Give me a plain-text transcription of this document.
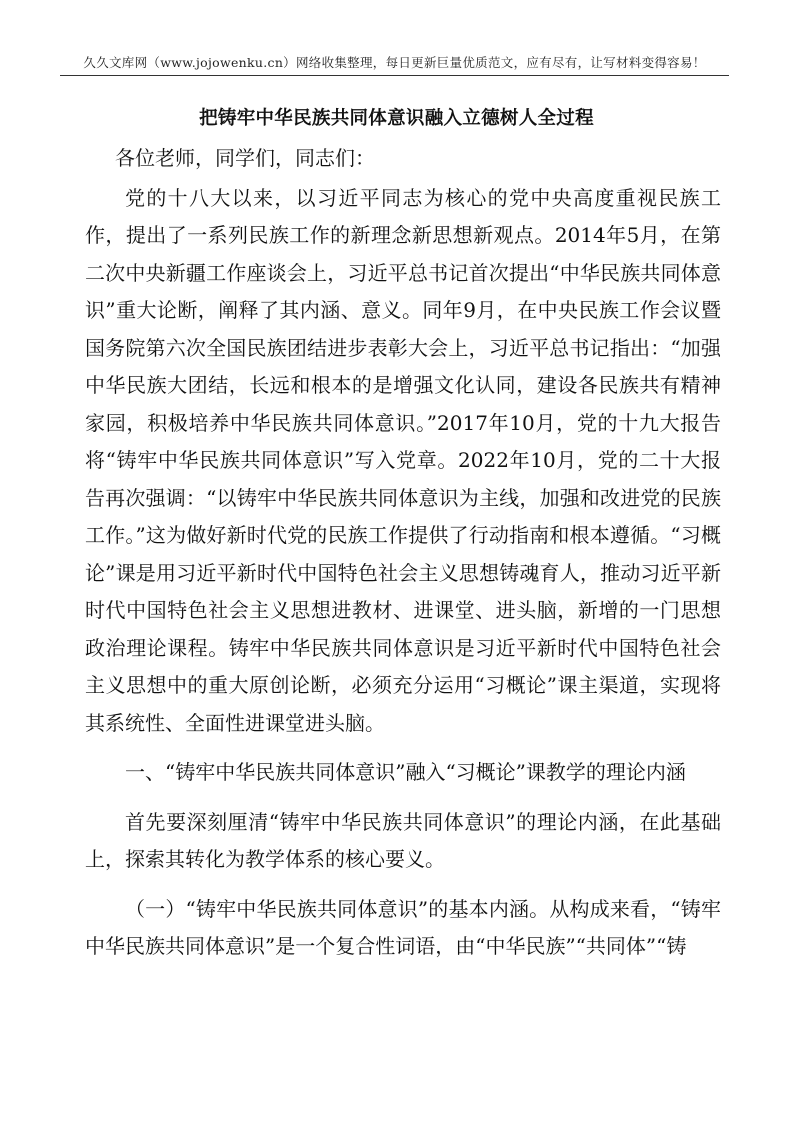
久久文库网（www.jojowenku.cn）网络收集整理，每日更新巨量优质范文，应有尽有，让写材料变得容易！
把铸牢中华民族共同体意识融入立德树人全过程

各位老师，同学们，同志们：

党的十八大以来，以习近平同志为核心的党中央高度重视民族工作，提出了一系列民族工作的新理念新思想新观点。2014年5月，在第二次中央新疆工作座谈会上，习近平总书记首次提出“中华民族共同体意识”重大论断，阐释了其内涵、意义。同年9月，在中央民族工作会议暨国务院第六次全国民族团结进步表彰大会上，习近平总书记指出：“加强中华民族大团结，长远和根本的是增强文化认同，建设各民族共有精神家园，积极培养中华民族共同体意识。”2017年10月，党的十九大报告将“铸牢中华民族共同体意识”写入党章。2022年10月，党的二十大报告再次强调：“以铸牢中华民族共同体意识为主线，加强和改进党的民族工作。”这为做好新时代党的民族工作提供了行动指南和根本遵循。“习概论”课是用习近平新时代中国特色社会主义思想铸魂育人，推动习近平新时代中国特色社会主义思想进教材、进课堂、进头脑，新增的一门思想政治理论课程。铸牢中华民族共同体意识是习近平新时代中国特色社会主义思想中的重大原创论断，必须充分运用“习概论”课主渠道，实现将其系统性、全面性进课堂进头脑。

一、“铸牢中华民族共同体意识”融入“习概论”课教学的理论内涵

首先要深刻厘清“铸牢中华民族共同体意识”的理论内涵，在此基础上，探索其转化为教学体系的核心要义。

（一）“铸牢中华民族共同体意识”的基本内涵。从构成来看，“铸牢中华民族共同体意识”是一个复合性词语，由“中华民族”“共同体”“铸
